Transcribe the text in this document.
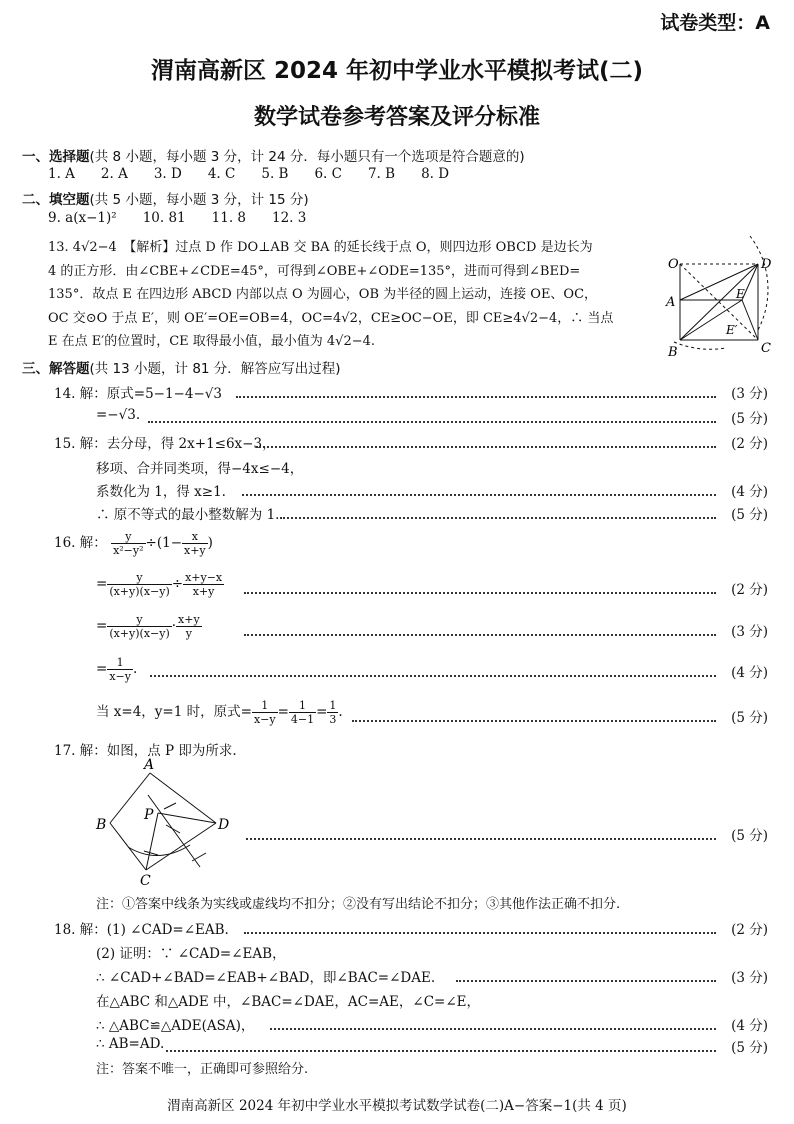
试卷类型：A
渭南高新区 2024 年初中学业水平模拟考试(二)
数学试卷参考答案及评分标准
一、选择题(共 8 小题，每小题 3 分，计 24 分．每小题只有一个选项是符合题意的)
1. A 2. A 3. D 4. C 5. B 6. C 7. B 8. D
二、填空题(共 5 小题，每小题 3 分，计 15 分)
9. a(x−1)² 10. 81 11. 8 12. 3
13. 4√2−4　【解析】过点 D 作 DO⊥AB 交 BA 的延长线于点 O，则四边形 OBCD 是边长为
4 的正方形．由∠CBE+∠CDE=45°，可得到∠OBE+∠ODE=135°，进而可得到∠BED=
135°．故点 E 在四边形 ABCD 内部以点 O 为圆心，OB 为半径的圆上运动，连接 OE、OC，
OC 交⊙O 于点 E′，则 OE′=OE=OB=4，OC=4√2，CE≥OC−OE，即 CE≥4√2−4，∴ 当点
E 在点 E′的位置时，CE 取得最小值，最小值为 4√2−4.
O	D
A
E
E′
B	C
三、解答题(共 13 小题，计 81 分．解答应写出过程)
14. 解：原式=5−1−4−√3	(3 分)
=−√3.	(5 分)
15. 解：去分母，得 2x+1≤6x−3，	(2 分)
移项、合并同类项，得−4x≤−4，
系数化为 1，得 x≥1.	(4 分)
∴ 原不等式的最小整数解为 1.	(5 分)
16. 解： $\frac{y}{\text{x²−y²}} \div(1- \frac{x}{x+y}$ )
= $\frac{y}{(x+y)(x-y)} \div \frac{x+y-x}{x+y}$	(2 分)
= $\frac{y}{(x+y)(x-y)} \cdot \frac{x+y}{y}$	(3 分)
= $\frac{1}{x-y}$ .	(4 分)
当 x=4，y=1 时，原式= $\frac{1}{x-y} = \frac{1}{4-1} = \frac{1}{3}$ .	(5 分)
17. 解：如图，点 P 即为所求.
A
B
P
D
C
(5 分)
注：①答案中线条为实线或虚线均不扣分；②没有写出结论不扣分；③其他作法正确不扣分.
18. 解：(1) ∠CAD=∠EAB.	(2 分)
(2) 证明：∵ ∠CAD=∠EAB，
∴ ∠CAD+∠BAD=∠EAB+∠BAD，即∠BAC=∠DAE.	(3 分)
在△ABC 和△ADE 中，∠BAC=∠DAE，AC=AE，∠C=∠E，
∴ △ABC≌△ADE(ASA)，	(4 分)
∴ AB=AD.	(5 分)
注：答案不唯一，正确即可参照给分.
渭南高新区 2024 年初中学业水平模拟考试数学试卷(二)A−答案−1(共 4 页)
